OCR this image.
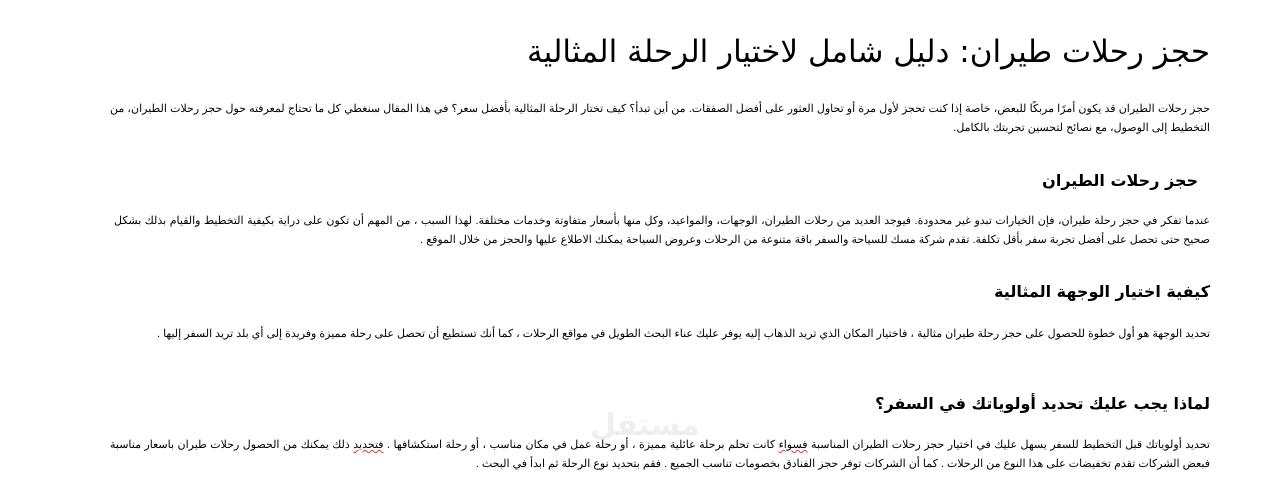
حجز رحلات طيران: دليل شامل لاختيار الرحلة المثالية

حجز رحلات الطيران قد يكون أمرًا مربكًا للبعض، خاصة إذا كنت تحجز لأول مرة أو تحاول العثور على أفضل الصفقات. من أين تبدأ؟ كيف تختار الرحلة المثالية بأفضل سعر؟ في هذا المقال سنغطي كل ما تحتاج لمعرفته حول حجز رحلات الطيران، من التخطيط إلى الوصول، مع نصائح لتحسين تجربتك بالكامل.

حجز رحلات الطيران

عندما تفكر في حجز رحلة طيران، فإن الخيارات تبدو غير محدودة. فيوجد العديد من رحلات الطيران، الوجهات، والمواعيد، وكل منها بأسعار متفاوتة وخدمات مختلفة. لهذا السبب ، من المهم أن تكون على دراية بكيفية التخطيط والقيام بذلك بشكل صحيح حتى تحصل على أفضل تجربة سفر بأقل تكلفة. تقدم شركة مسك للسياحة والسفر باقة متنوعة من الرحلات وعروض السياحة يمكنك الاطلاع عليها والحجز من خلال الموقع .

كيفية اختيار الوجهة المثالية

تحديد الوجهة هو أول خطوة للحصول على حجز رحلة طيران مثالية ، فاختيار المكان الذي تريد الذهاب إليه يوفر عليك عناء البحث الطويل في مواقع الرحلات ، كما أنك تستطيع أن تحصل على رحلة مميزة وفريدة إلى أي بلد تريد السفر إليها .

لماذا يجب عليك تحديد أولوياتك في السفر؟

تحديد أولوياتك قبل التخطيط للسفر يسهل عليك في اختيار حجز رحلات الطيران المناسبة فسواء كانت تحلم برحلة عائلية مميزة ، أو رحلة عمل في مكان مناسب ، أو رحلة استكشافها . فتحديد ذلك يمكنك من الحصول رحلات طيران باسعار مناسبة فبعض الشركات تقدم تخفيضات على هذا النوع من الرحلات . كما أن الشركات توفر حجز الفنادق بخصومات تناسب الجميع . فقم بتحديد نوع الرحلة ثم ابدأ في البحث .

مستقل
